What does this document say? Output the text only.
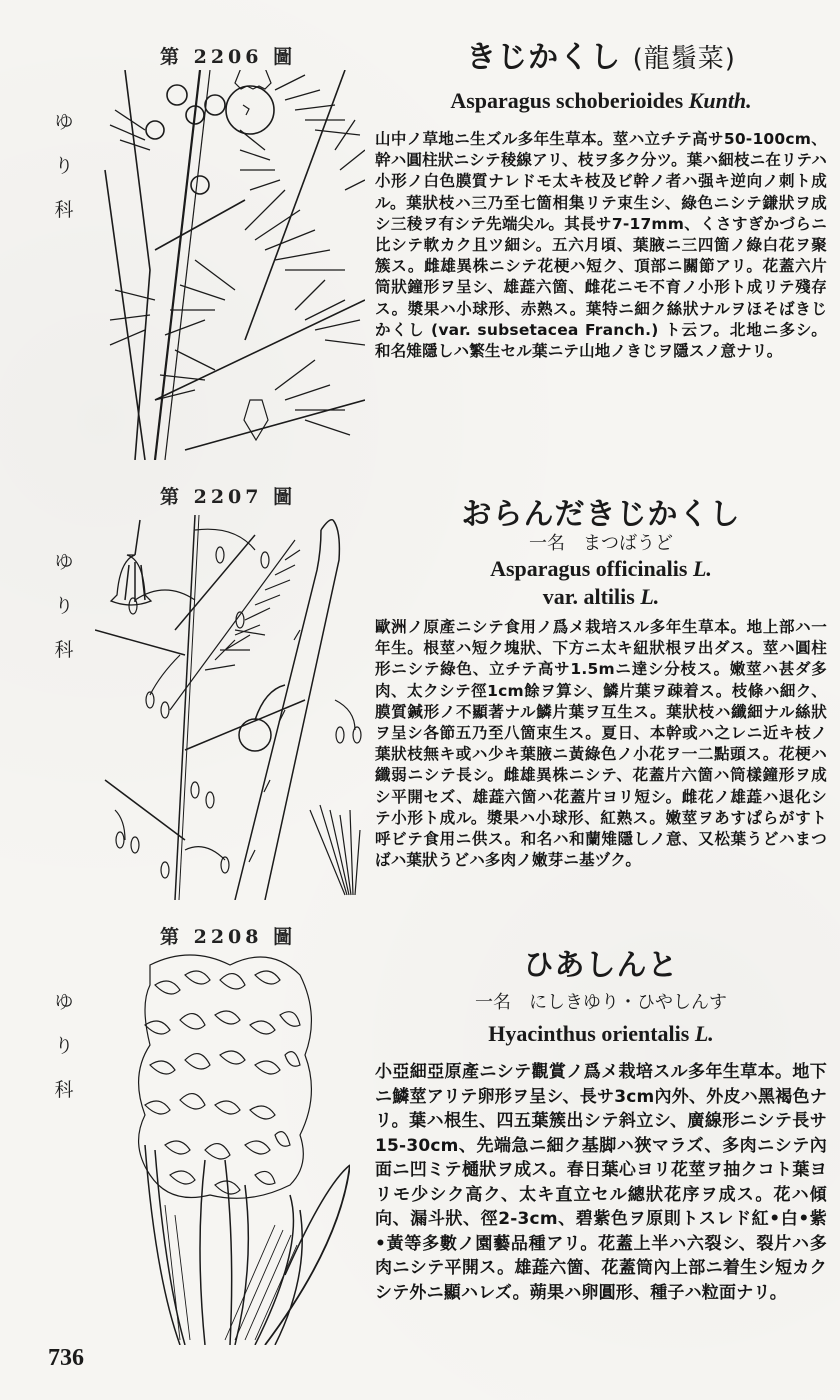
第 2206 圖
ゆ
り
科
きじかくし (龍鬚菜)
Asparagus schoberioides Kunth.
山中ノ草地ニ生ズル多年生草本。莖ハ立チテ高サ50-100cm、幹ハ圓柱狀ニシテ稜線アリ、枝ヲ多ク分ツ。葉ハ細枝ニ在リテハ小形ノ白色膜質ナレドモ太キ枝及ビ幹ノ者ハ强キ逆向ノ刺ト成ル。葉狀枝ハ三乃至七箇相集リテ束生シ、綠色ニシテ鎌狀ヲ成シ三稜ヲ有シテ先端尖ル。其長サ7-17mm、くさすぎかづらニ比シテ軟カク且ツ細シ。五六月頃、葉腋ニ三四箇ノ綠白花ヲ聚簇ス。雌雄異株ニシテ花梗ハ短ク、頂部ニ關節アリ。花蓋六片筒狀鐘形ヲ呈シ、雄蕋六箇、雌花ニモ不育ノ小形ト成リテ殘存ス。漿果ハ小球形、赤熟ス。葉特ニ細ク絲狀ナルヲほそばきじかくし (var. subsetacea Franch.) ト云フ。北地ニ多シ。和名雉隱しハ繁生セル葉ニテ山地ノきじヲ隱スノ意ナリ。
第 2207 圖
ゆ
り
科
おらんだきじかくし
一名　まつばうど
Asparagus officinalis L.
var. altilis L.
歐洲ノ原產ニシテ食用ノ爲メ栽培スル多年生草本。地上部ハ一年生。根莖ハ短ク塊狀、下方ニ太キ紐狀根ヲ出ダス。莖ハ圓柱形ニシテ綠色、立チテ高サ1.5mニ達シ分枝ス。嫩莖ハ甚ダ多肉、太クシテ徑1cm餘ヲ算シ、鱗片葉ヲ疎着ス。枝條ハ細ク、膜質鍼形ノ不顯著ナル鱗片葉ヲ互生ス。葉狀枝ハ纖細ナル絲狀ヲ呈シ各節五乃至八箇束生ス。夏日、本幹或ハ之レニ近キ枝ノ葉狀枝無キ或ハ少キ葉腋ニ黃綠色ノ小花ヲ一二點頭ス。花梗ハ纖弱ニシテ長シ。雌雄異株ニシテ、花蓋片六箇ハ筒樣鐘形ヲ成シ平開セズ、雄蕋六箇ハ花蓋片ヨリ短シ。雌花ノ雄蕋ハ退化シテ小形ト成ル。漿果ハ小球形、紅熟ス。嫩莖ヲあすぱらがすト呼ビテ食用ニ供ス。和名ハ和蘭雉隱しノ意、又松葉うどハまつばハ葉狀うどハ多肉ノ嫩芽ニ基ヅク。
第 2208 圖
ゆ
り
科
ひあしんと
一名　にしきゆり・ひやしんす
Hyacinthus orientalis L.
小亞細亞原產ニシテ觀賞ノ爲メ栽培スル多年生草本。地下ニ鱗莖アリテ卵形ヲ呈シ、長サ3cm內外、外皮ハ黑褐色ナリ。葉ハ根生、四五葉簇出シテ斜立シ、廣線形ニシテ長サ 15-30cm、先端急ニ細ク基脚ハ狹マラズ、多肉ニシテ內面ニ凹ミテ樋狀ヲ成ス。春日葉心ヨリ花莖ヲ抽クコト葉ヨリモ少シク高ク、太キ直立セル總狀花序ヲ成ス。花ハ傾向、漏斗狀、徑2-3cm、碧紫色ヲ原則トスレド紅•白•紫•黃等多數ノ園藝品種アリ。花蓋上半ハ六裂シ、裂片ハ多肉ニシテ平開ス。雄蕋六箇、花蓋筒內上部ニ着生シ短カクシテ外ニ顯ハレズ。蒴果ハ卵圓形、種子ハ粒面ナリ。
736
